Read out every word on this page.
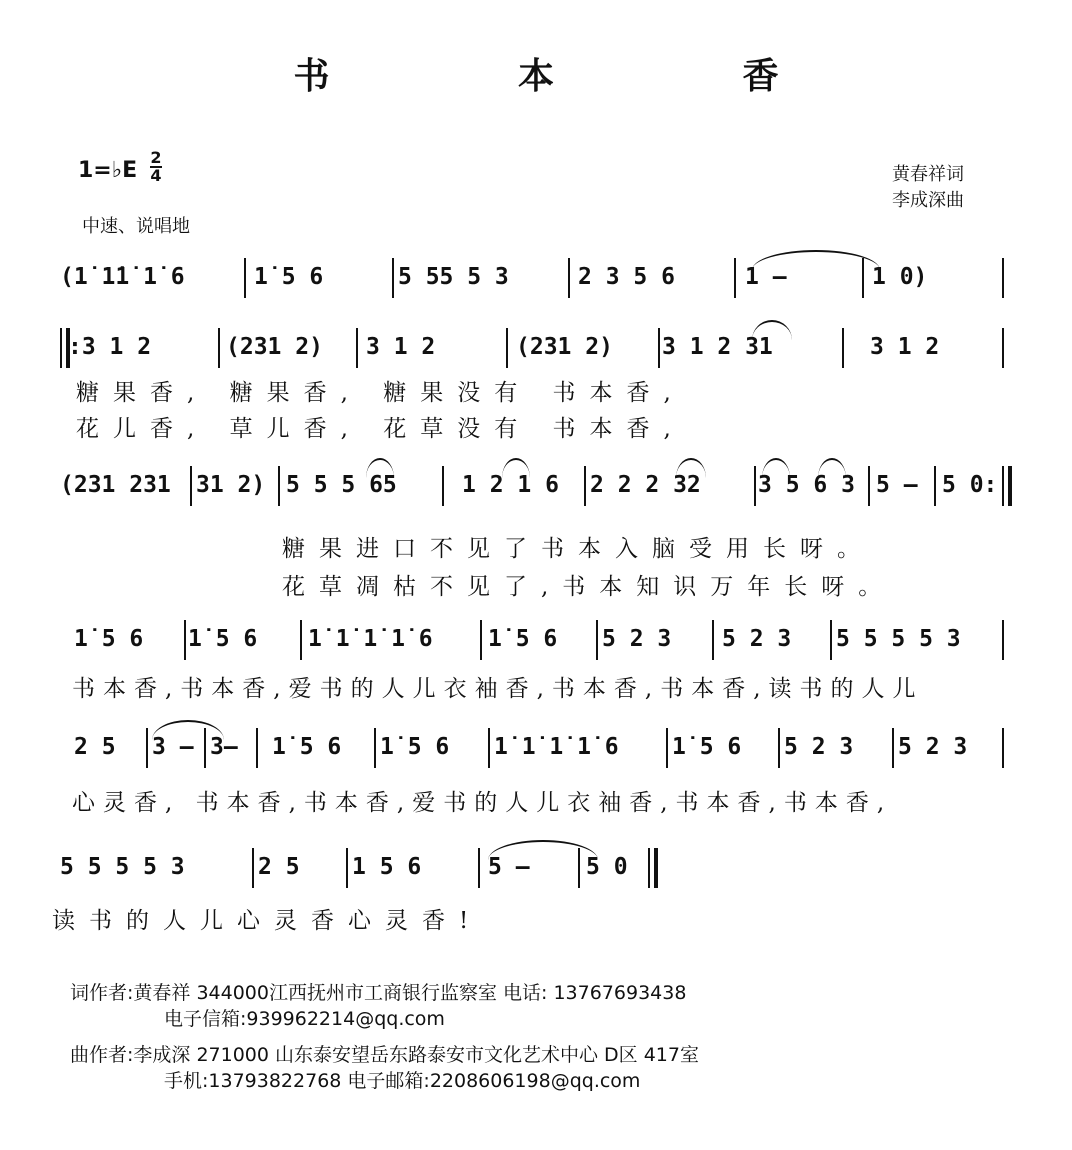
书 本 香
1=♭E
2
4
中速、说唱地
黄春祥词
李成深曲
(1̇ 1̇1̇ 1̇ 6	1̇ 5 6	5 55 5 3	2 3 5 6	1 –	1 0)
:3 1 2	(231 2) 3 1 2	(231 2) 3 1 2 31	3 1 2
糖果香, 糖果香, 糖果没有 书本香,
花儿香, 草儿香, 花草没有 书本香,
(231 231 31 2) 5 5 5 65	1 2 1 6 2 2 2 32 3 5 6 3 5 – 5 0:
糖果进口不见了书本入脑受用长呀。
花草凋枯不见了,书本知识万年长呀。
1̇ 5 6 1̇ 5 6 1̇ 1̇ 1̇ 1̇ 6 1̇ 5 6 5 2 3 5 2 3 5 5 5 5 3
书本香,书本香,爱书的人儿衣袖香,书本香,书本香,读书的人儿
2 5 3 – 3– 1̇ 5 6 1̇ 5 6 1̇ 1̇ 1̇ 1̇ 6 1̇ 5 6 5 2 3 5 2 3
心灵香, 书本香,书本香,爱书的人儿衣袖香,书本香,书本香,
5 5 5 5 3	2 5 1 5 6	5 – 5 0
读书的人儿心灵香心灵香!
词作者:黄春祥 344000江西抚州市工商银行监察室 电话: 13767693438
电子信箱:939962214@qq.com
曲作者:李成深 271000 山东泰安望岳东路泰安市文化艺术中心 D区 417室
手机:13793822768 电子邮箱:2208606198@qq.com
